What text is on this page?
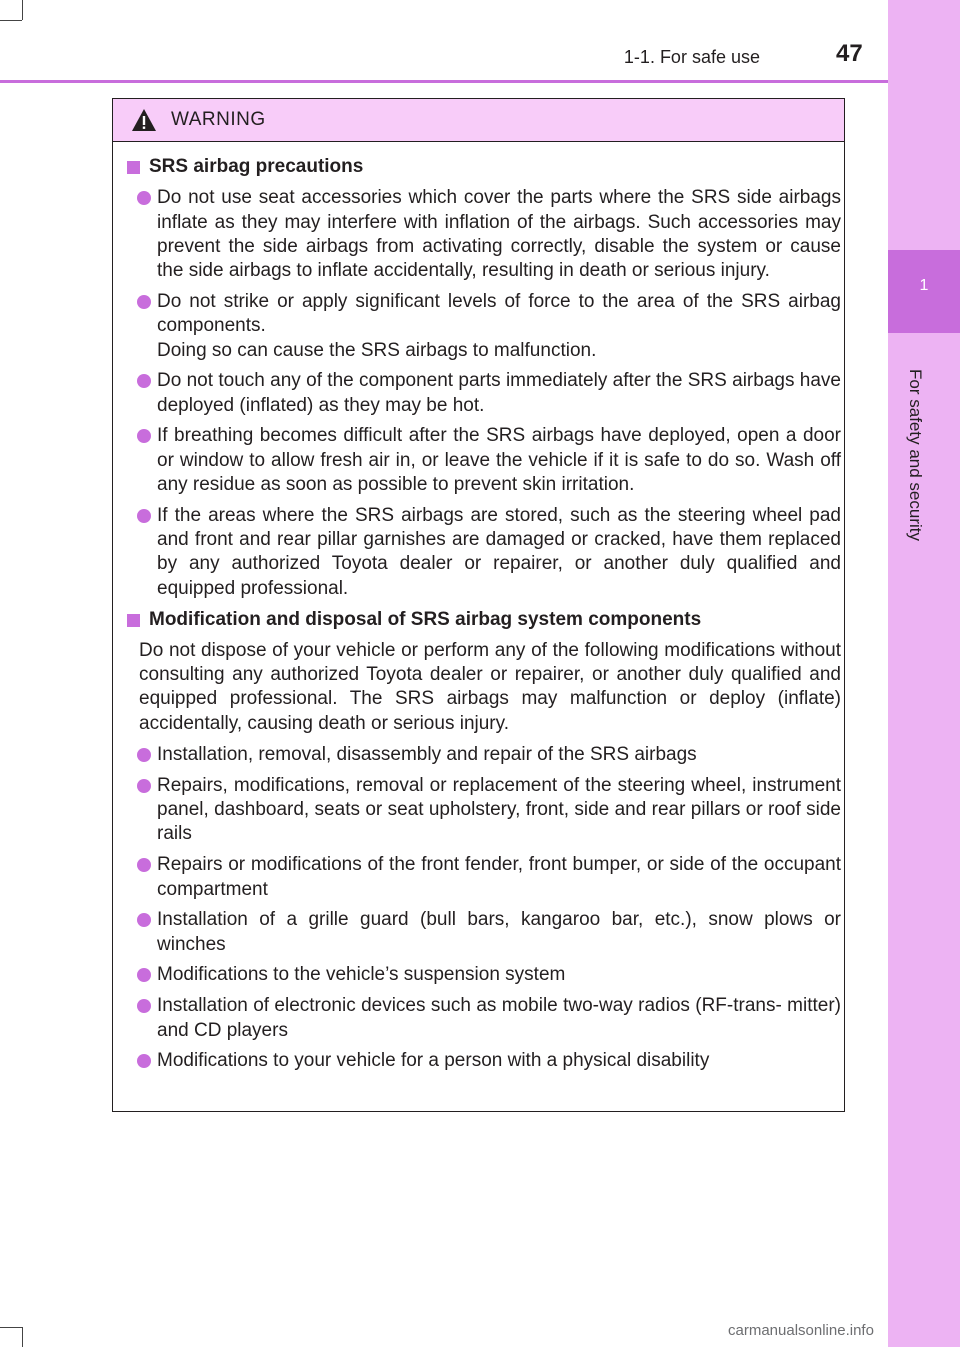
1-1. For safe use	47
1
For safety and security
WARNING
SRS airbag precautions
Do not use seat accessories which cover the parts where the SRS side airbags inflate as they may interfere with inflation of the airbags. Such accessories may prevent the side airbags from activating correctly, disable the system or cause the side airbags to inflate accidentally, resulting in death or serious injury.
Do not strike or apply significant levels of force to the area of the SRS airbag components.
Doing so can cause the SRS airbags to malfunction.
Do not touch any of the component parts immediately after the SRS airbags have deployed (inflated) as they may be hot.
If breathing becomes difficult after the SRS airbags have deployed, open a door or window to allow fresh air in, or leave the vehicle if it is safe to do so. Wash off any residue as soon as possible to prevent skin irritation.
If the areas where the SRS airbags are stored, such as the steering wheel pad and front and rear pillar garnishes are damaged or cracked, have them replaced by any authorized Toyota dealer or repairer, or another duly qualified and equipped professional.
Modification and disposal of SRS airbag system components
Do not dispose of your vehicle or perform any of the following modifications without consulting any authorized Toyota dealer or repairer, or another duly qualified and equipped professional. The SRS airbags may malfunction or deploy (inflate) accidentally, causing death or serious injury.
Installation, removal, disassembly and repair of the SRS airbags
Repairs, modifications, removal or replacement of the steering wheel, instrument panel, dashboard, seats or seat upholstery, front, side and rear pillars or roof side rails
Repairs or modifications of the front fender, front bumper, or side of the occupant compartment
Installation of a grille guard (bull bars, kangaroo bar, etc.), snow plows or winches
Modifications to the vehicle’s suspension system
Installation of electronic devices such as mobile two-way radios (RF-trans- mitter) and CD players
Modifications to your vehicle for a person with a physical disability
carmanualsonline.info
